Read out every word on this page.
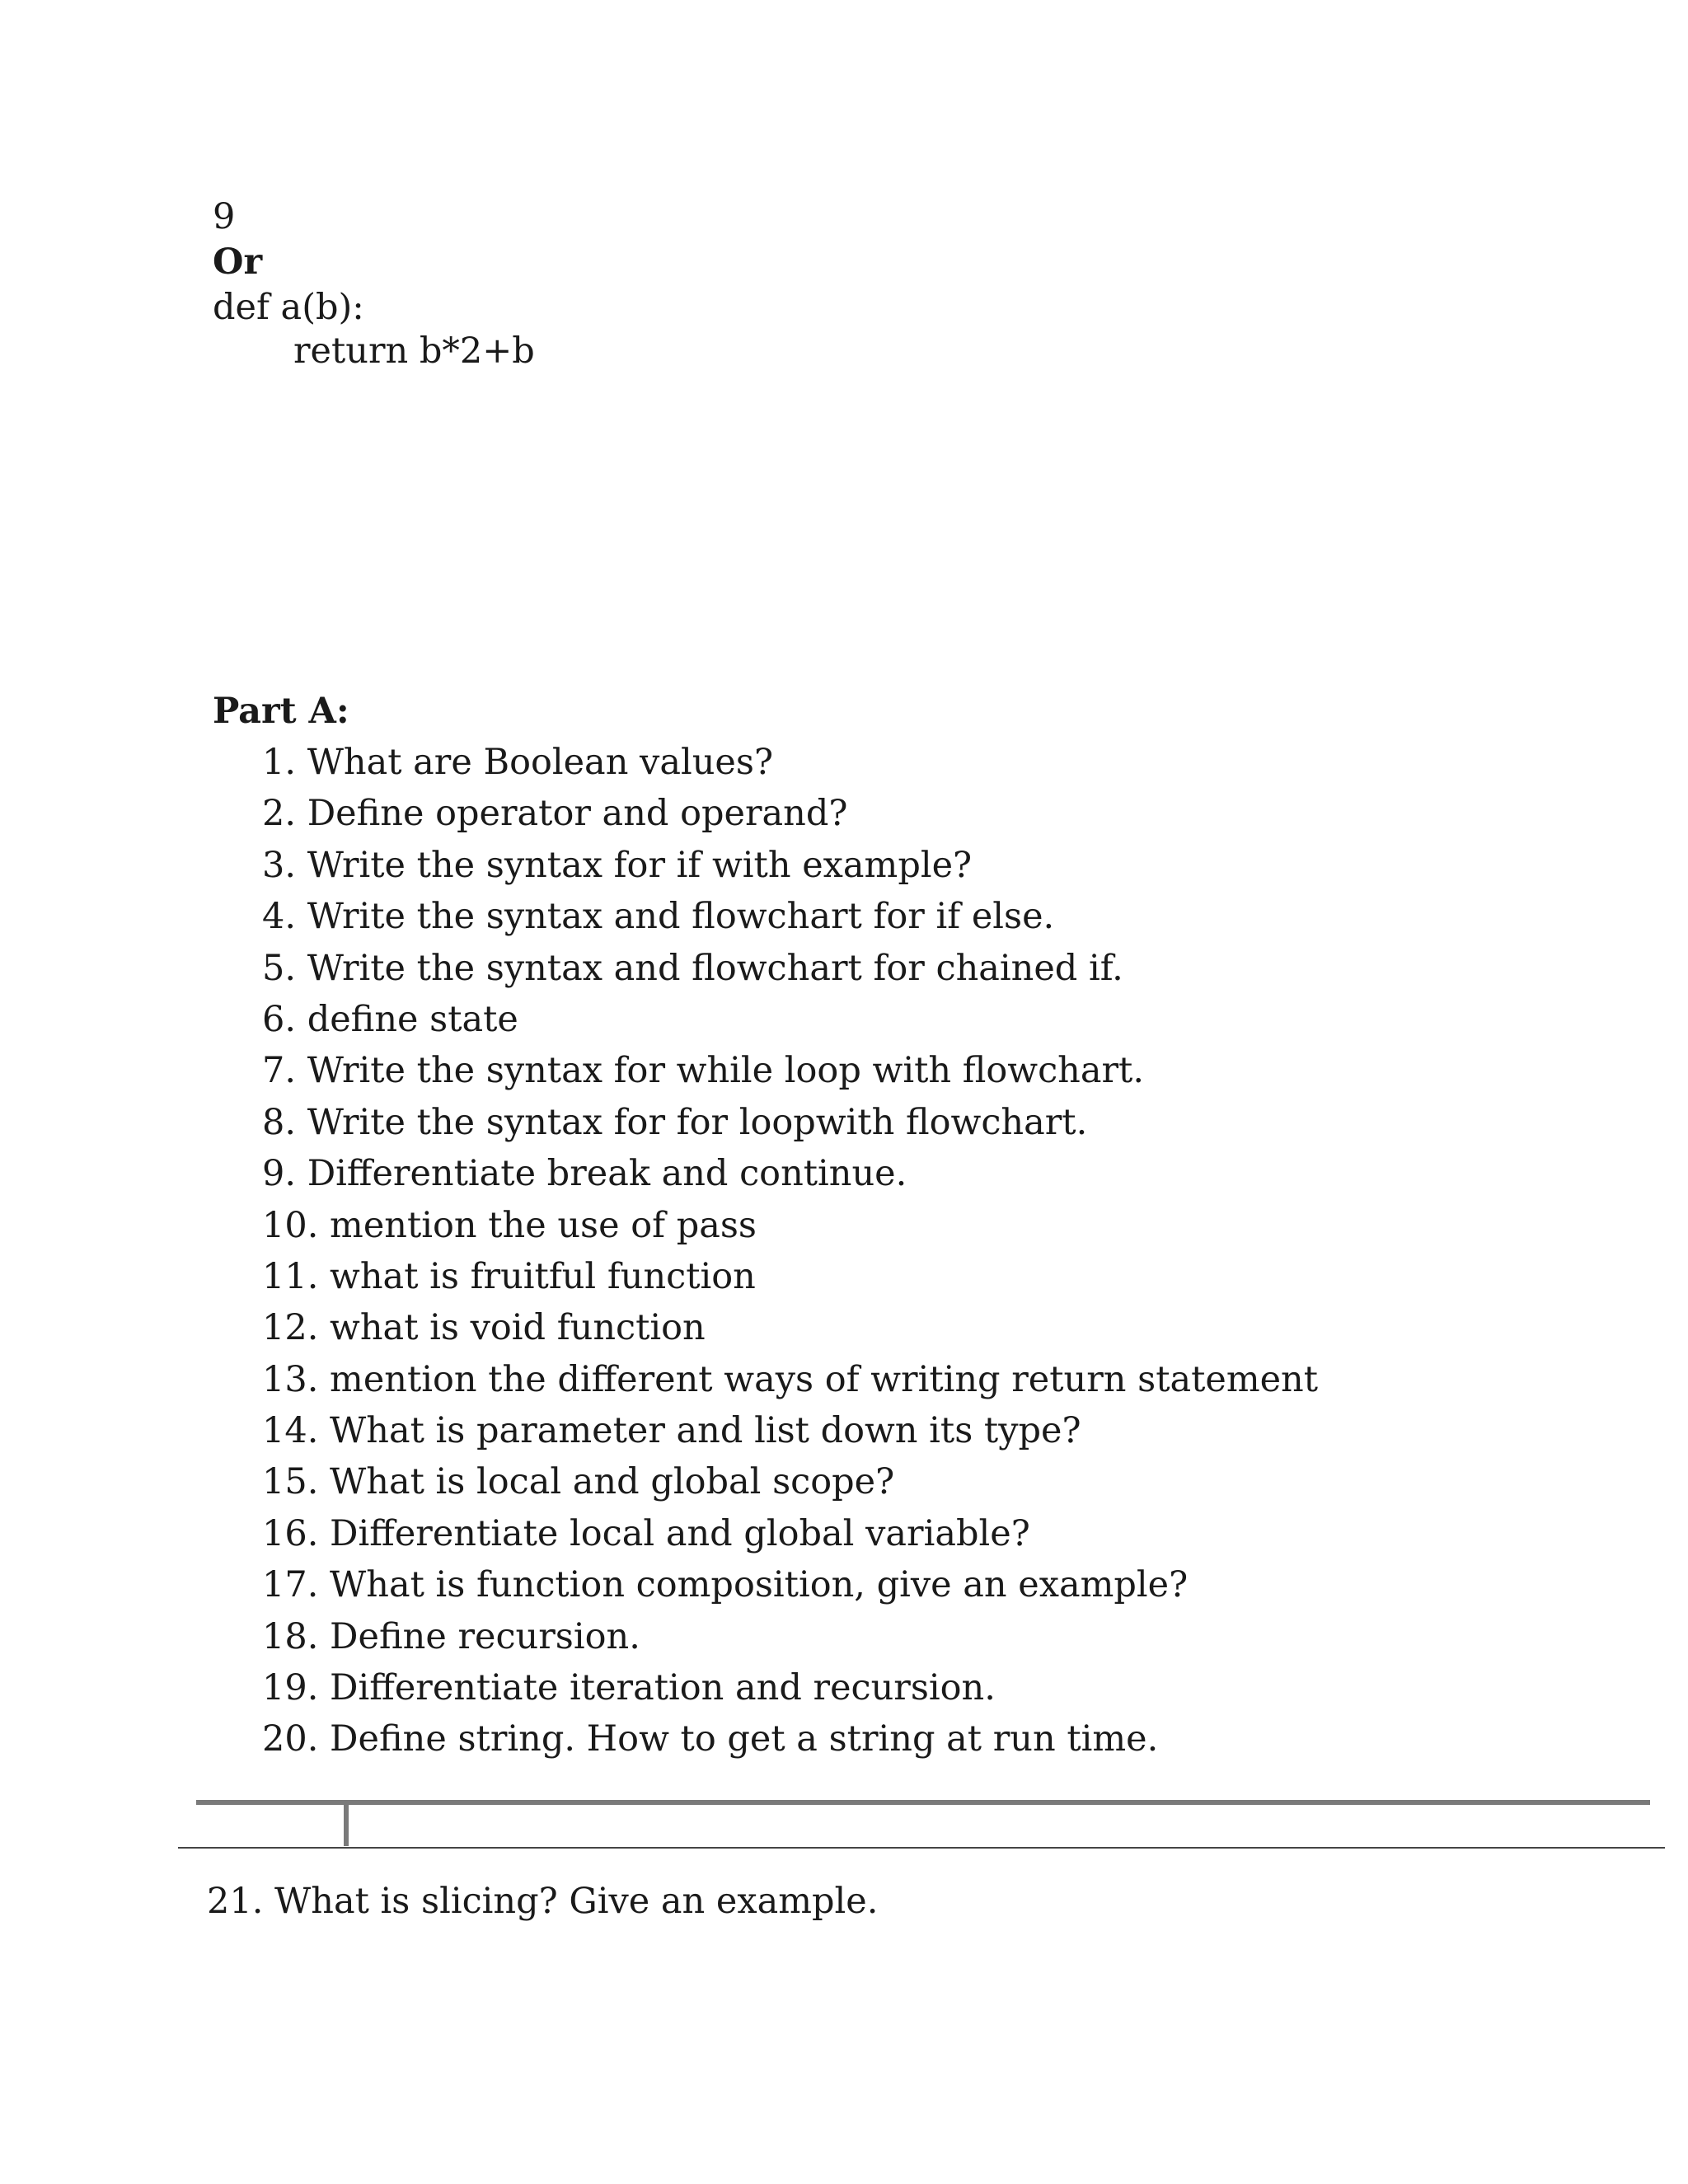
9
Or
def a(b):
return b*2+b
Part A:
1. What are Boolean values?
2. Define operator and operand?
3. Write the syntax for if with example?
4. Write the syntax and flowchart for if else.
5. Write the syntax and flowchart for chained if.
6. define state
7. Write the syntax for while loop with flowchart.
8. Write the syntax for for loopwith flowchart.
9. Differentiate break and continue.
10. mention the use of pass
11. what is fruitful function
12. what is void function
13. mention the different ways of writing return statement
14. What is parameter and list down its type?
15. What is local and global scope?
16. Differentiate local and global variable?
17. What is function composition, give an example?
18. Define recursion.
19. Differentiate iteration and recursion.
20. Define string. How to get a string at run time.
21. What is slicing? Give an example.
